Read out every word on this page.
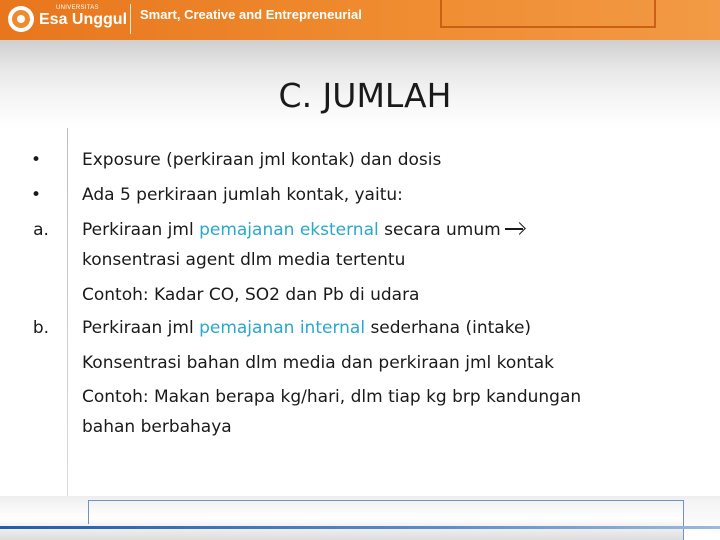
UNIVERSITAS
Esa Unggul Smart, Creative and Entrepreneurial
C. JUMLAH
•
•
a.
b.
Exposure (perkiraan jml kontak) dan dosis
Ada 5 perkiraan jumlah kontak, yaitu:
Perkiraan jml pemajanan eksternal secara umum
konsentrasi agent dlm media tertentu
Contoh: Kadar CO, SO2 dan Pb di udara
Perkiraan jml pemajanan internal sederhana (intake)
Konsentrasi bahan dlm media dan perkiraan jml kontak
Contoh: Makan berapa kg/hari, dlm tiap kg brp kandungan
bahan berbahaya
